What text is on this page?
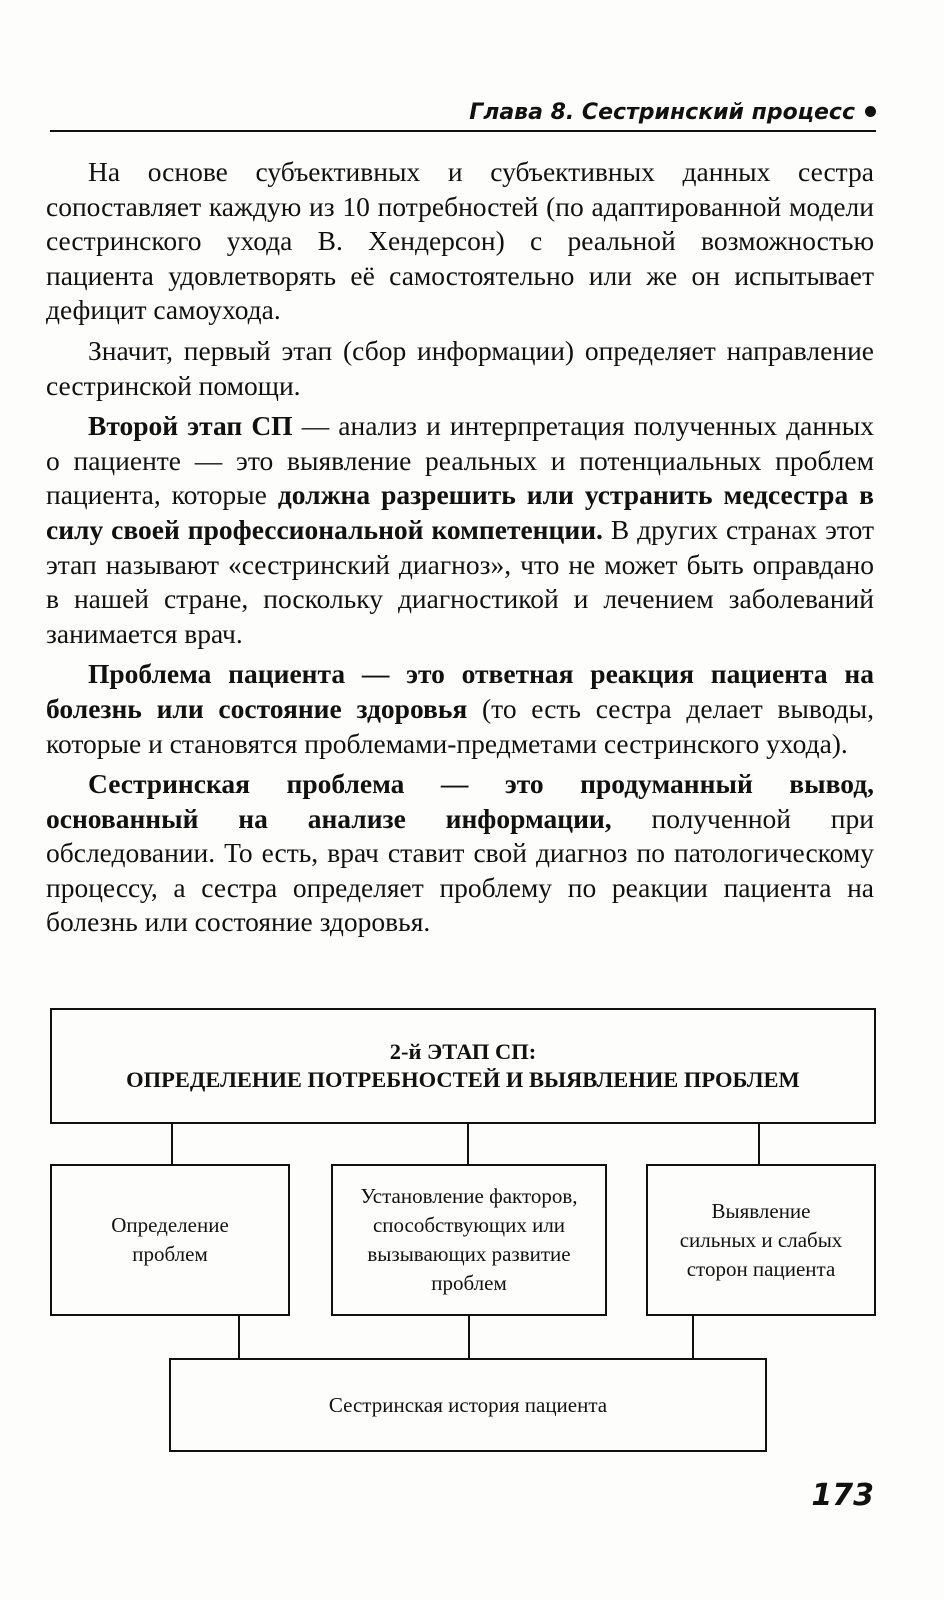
Глава 8. Сестринский процесс

На основе субъективных и субъективных данных сестра сопоставляет каждую из 10 потребностей (по адаптированной модели сестринского ухода В. Хендерсон) с реальной возможностью пациента удовлетворять её самостоятельно или же он испытывает дефицит самоухода.

Значит, первый этап (сбор информации) определяет направление сестринской помощи.

Второй этап СП — анализ и интерпретация полученных данных о пациенте — это выявление реальных и потенциальных проблем пациента, которые должна разрешить или устранить медсестра в силу своей профессиональной компетенции. В других странах этот этап называют «сестринский диагноз», что не может быть оправдано в нашей стране, поскольку диагностикой и лечением заболеваний занимается врач.

Проблема пациента — это ответная реакция пациента на болезнь или состояние здоровья (то есть сестра делает выводы, которые и становятся проблемами-предметами сестринского ухода).

Сестринская проблема — это продуманный вывод, основанный на анализе информации, полученной при обследовании. То есть, врач ставит свой диагноз по патологическому процессу, а сестра определяет проблему по реакции пациента на болезнь или состояние здоровья.

2-й ЭТАП СП:
ОПРЕДЕЛЕНИЕ ПОТРЕБНОСТЕЙ И ВЫЯВЛЕНИЕ ПРОБЛЕМ
Определение проблем
Установление факторов, способствующих или вызывающих развитие проблем
Выявление сильных и слабых сторон пациента
Сестринская история пациента
173
